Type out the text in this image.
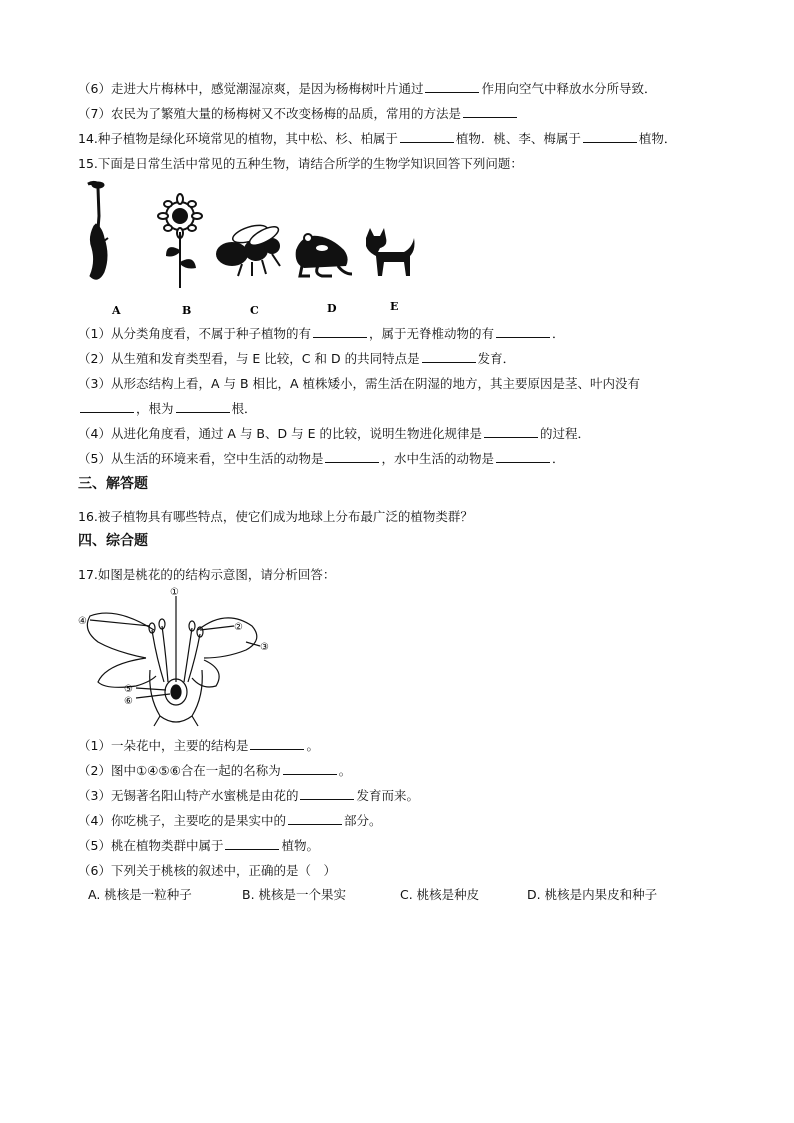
（6）走进大片梅林中，感觉潮湿凉爽，是因为杨梅树叶片通过	作用向空气中释放水分所导致．
（7）农民为了繁殖大量的杨梅树又不改变杨梅的品质，常用的方法是
14.种子植物是绿化环境常见的植物，其中松、杉、柏属于	植物．桃、李、梅属于	植物．
15.下面是日常生活中常见的五种生物，请结合所学的生物学知识回答下列问题：
A	B	C	D	E
（1）从分类角度看，不属于种子植物的有	，属于无脊椎动物的有	．
（2）从生殖和发育类型看，与 E 比较，C 和 D 的共同特点是	发育．
（3）从形态结构上看，A 与 B 相比，A 植株矮小，需生活在阴湿的地方，其主要原因是茎、叶内没有
，根为	根．
（4）从进化角度看，通过 A 与 B、D 与 E 的比较，说明生物进化规律是	的过程．
（5）从生活的环境来看，空中生活的动物是	，水中生活的动物是	．
三、解答题
16.被子植物具有哪些特点，使它们成为地球上分布最广泛的植物类群？
四、综合题
17.如图是桃花的的结构示意图，请分析回答：
①
②
③
④
⑤
⑥
（1）一朵花中，主要的结构是	。
（2）图中①④⑤⑥合在一起的名称为	。
（3）无锡著名阳山特产水蜜桃是由花的	发育而来。
（4）你吃桃子，主要吃的是果实中的	部分。
（5）桃在植物类群中属于	植物。
（6）下列关于桃核的叙述中，正确的是（　）
A. 桃核是一粒种子	B. 桃核是一个果实	C. 桃核是种皮	D. 桃核是内果皮和种子
